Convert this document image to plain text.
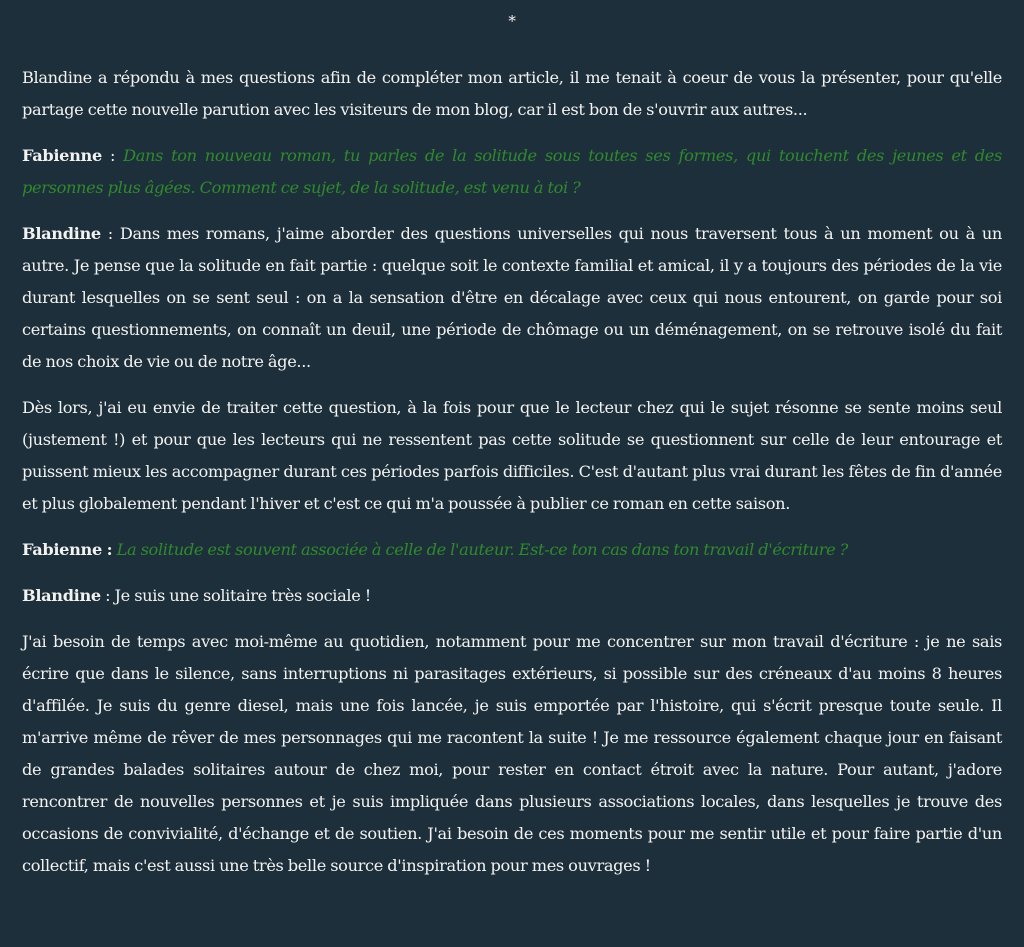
*

Blandine a répondu à mes questions afin de compléter mon article, il me tenait à coeur de vous la présenter, pour qu'elle partage cette nouvelle parution avec les visiteurs de mon blog, car il est bon de s'ouvrir aux autres...

Fabienne : Dans ton nouveau roman, tu parles de la solitude sous toutes ses formes, qui touchent des jeunes et des personnes plus âgées. Comment ce sujet, de la solitude, est venu à toi ?

Blandine : Dans mes romans, j'aime aborder des questions universelles qui nous traversent tous à un moment ou à un autre. Je pense que la solitude en fait partie : quelque soit le contexte familial et amical, il y a toujours des périodes de la vie durant lesquelles on se sent seul : on a la sensation d'être en décalage avec ceux qui nous entourent, on garde pour soi certains questionnements, on connaît un deuil, une période de chômage ou un déménagement, on se retrouve isolé du fait de nos choix de vie ou de notre âge...

Dès lors, j'ai eu envie de traiter cette question, à la fois pour que le lecteur chez qui le sujet résonne se sente moins seul (justement !) et pour que les lecteurs qui ne ressentent pas cette solitude se questionnent sur celle de leur entourage et puissent mieux les accompagner durant ces périodes parfois difficiles. C'est d'autant plus vrai durant les fêtes de fin d'année et plus globalement pendant l'hiver et c'est ce qui m'a poussée à publier ce roman en cette saison.

Fabienne : La solitude est souvent associée à celle de l'auteur. Est-ce ton cas dans ton travail d'écriture ?

Blandine : Je suis une solitaire très sociale !

J'ai besoin de temps avec moi-même au quotidien, notamment pour me concentrer sur mon travail d'écriture : je ne sais écrire que dans le silence, sans interruptions ni parasitages extérieurs, si possible sur des créneaux d'au moins 8 heures d'affilée. Je suis du genre diesel, mais une fois lancée, je suis emportée par l'histoire, qui s'écrit presque toute seule. Il m'arrive même de rêver de mes personnages qui me racontent la suite ! Je me ressource également chaque jour en faisant de grandes balades solitaires autour de chez moi, pour rester en contact étroit avec la nature. Pour autant, j'adore rencontrer de nouvelles personnes et je suis impliquée dans plusieurs associations locales, dans lesquelles je trouve des occasions de convivialité, d'échange et de soutien. J'ai besoin de ces moments pour me sentir utile et pour faire partie d'un collectif, mais c'est aussi une très belle source d'inspiration pour mes ouvrages !
